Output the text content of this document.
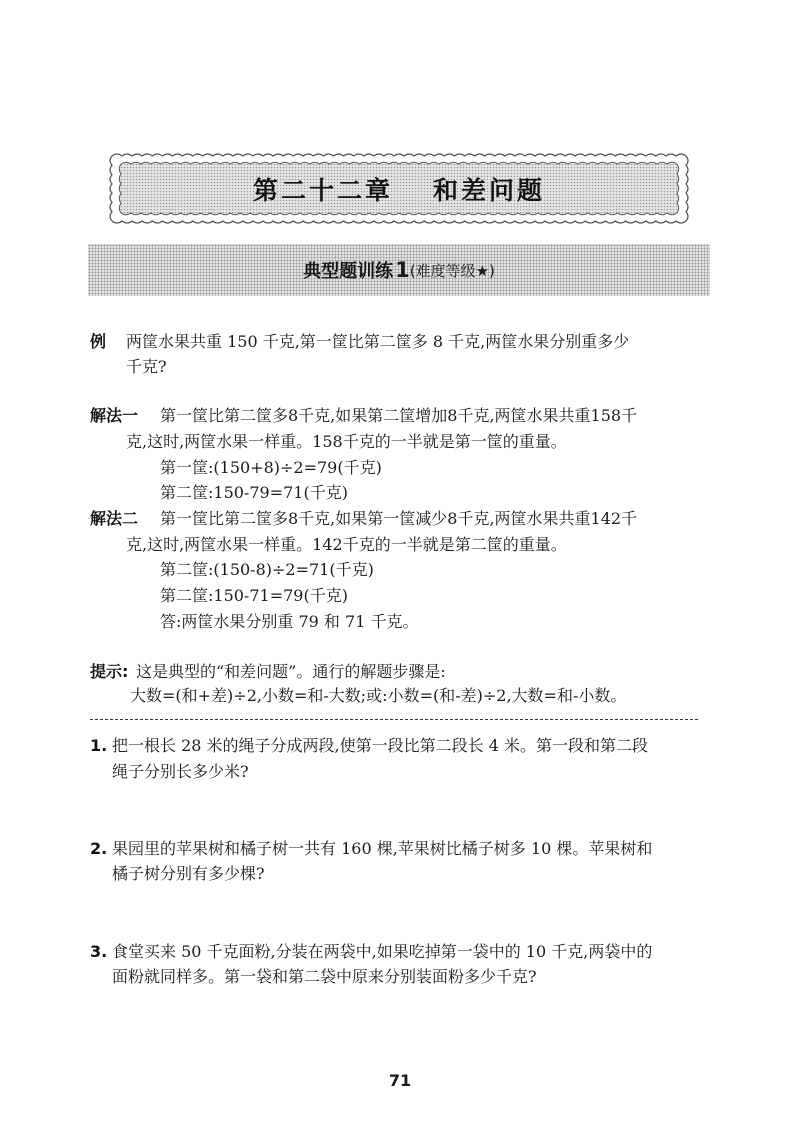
第二十二章 和差问题
典型题训练 1 (难度等级★)
例 两筐水果共重 150 千克,第一筐比第二筐多 8 千克,两筐水果分别重多少
千克?
解法一 第一筐比第二筐多8千克,如果第二筐增加8千克,两筐水果共重158千
克,这时,两筐水果一样重。158千克的一半就是第一筐的重量。
第一筐:(150+8)÷2=79(千克)
第二筐:150-79=71(千克)
解法二 第一筐比第二筐多8千克,如果第一筐减少8千克,两筐水果共重142千
克,这时,两筐水果一样重。142千克的一半就是第二筐的重量。
第二筐:(150-8)÷2=71(千克)
第二筐:150-71=79(千克)
答:两筐水果分别重 79 和 71 千克。
提示: 这是典型的“和差问题”。通行的解题步骤是:
大数=(和+差)÷2,小数=和-大数;或:小数=(和-差)÷2,大数=和-小数。
1. 把一根长 28 米的绳子分成两段,使第一段比第二段长 4 米。第一段和第二段
绳子分别长多少米?
2. 果园里的苹果树和橘子树一共有 160 棵,苹果树比橘子树多 10 棵。苹果树和
橘子树分别有多少棵?
3. 食堂买来 50 千克面粉,分装在两袋中,如果吃掉第一袋中的 10 千克,两袋中的
面粉就同样多。第一袋和第二袋中原来分别装面粉多少千克?
71
